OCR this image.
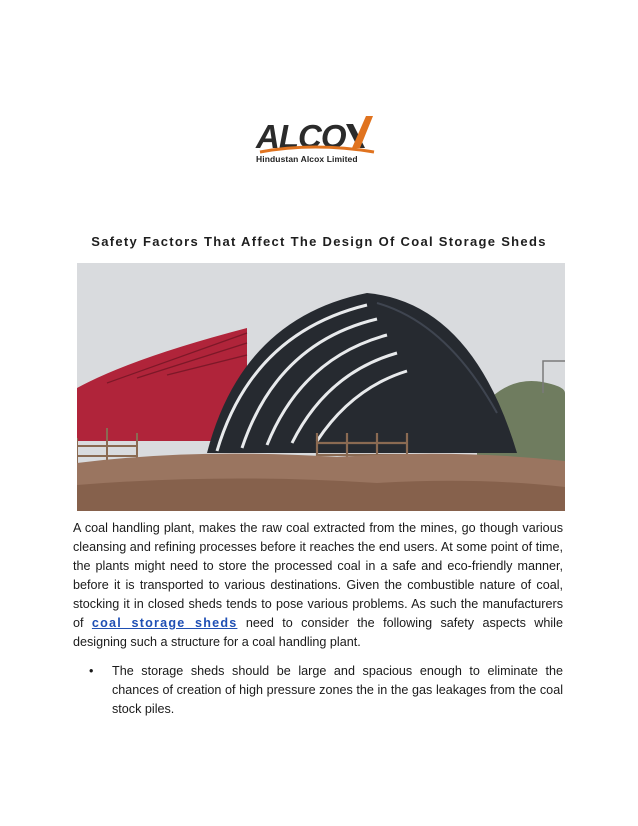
ALCO
Hindustan Alcox Limited
Safety Factors That Affect The Design Of Coal Storage Sheds

A coal handling plant, makes the raw coal extracted from the mines, go though various cleansing and refining processes before it reaches the end users. At some point of time, the plants might need to store the processed coal in a safe and eco-friendly manner, before it is transported to various destinations. Given the combustible nature of coal, stocking it in closed sheds tends to pose various problems. As such the manufacturers of coal storage sheds need to consider the following safety aspects while designing such a structure for a coal handling plant.

• The storage sheds should be large and spacious enough to eliminate the chances of creation of high pressure zones the in the gas leakages from the coal stock piles.
